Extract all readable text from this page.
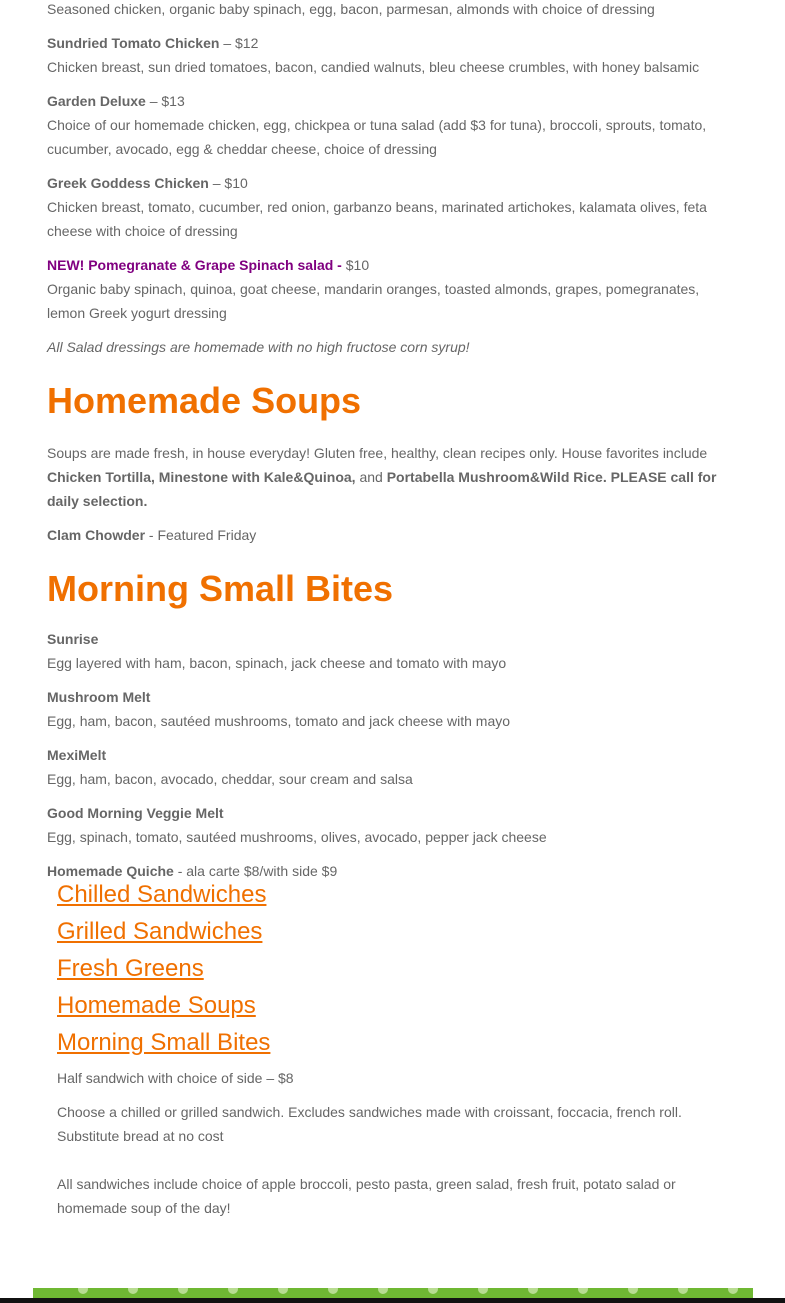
Seasoned chicken, organic baby spinach, egg, bacon, parmesan, almonds with choice of dressing

Sundried Tomato Chicken – $12

Chicken breast, sun dried tomatoes, bacon, candied walnuts, bleu cheese crumbles, with honey balsamic

Garden Deluxe – $13

Choice of our homemade chicken, egg, chickpea or tuna salad (add $3 for tuna), broccoli, sprouts, tomato, cucumber, avocado, egg & cheddar cheese, choice of dressing

Greek Goddess Chicken – $10

Chicken breast, tomato, cucumber, red onion, garbanzo beans, marinated artichokes, kalamata olives, feta cheese with choice of dressing

NEW! Pomegranate & Grape Spinach salad - $10

Organic baby spinach, quinoa, goat cheese, mandarin oranges, toasted almonds, grapes, pomegranates, lemon Greek yogurt dressing

All Salad dressings are homemade with no high fructose corn syrup!

Homemade Soups

Soups are made fresh, in house everyday! Gluten free, healthy, clean recipes only. House favorites include Chicken Tortilla, Minestone with Kale&Quinoa, and Portabella Mushroom&Wild Rice. PLEASE call for daily selection.

Clam Chowder - Featured Friday

Morning Small Bites

Sunrise

Egg layered with ham, bacon, spinach, jack cheese and tomato with mayo

Mushroom Melt

Egg, ham, bacon, sautéed mushrooms, tomato and jack cheese with mayo

MexiMelt

Egg, ham, bacon, avocado, cheddar, sour cream and salsa

Good Morning Veggie Melt

Egg, spinach, tomato, sautéed mushrooms, olives, avocado, pepper jack cheese

Homemade Quiche - ala carte $8/with side $9

Chilled Sandwiches
Grilled Sandwiches
Fresh Greens
Homemade Soups
Morning Small Bites

Half sandwich with choice of side – $8

Choose a chilled or grilled sandwich. Excludes sandwiches made with croissant, foccacia, french roll. Substitute bread at no cost

All sandwiches include choice of apple broccoli, pesto pasta, green salad, fresh fruit, potato salad or homemade soup of the day!
